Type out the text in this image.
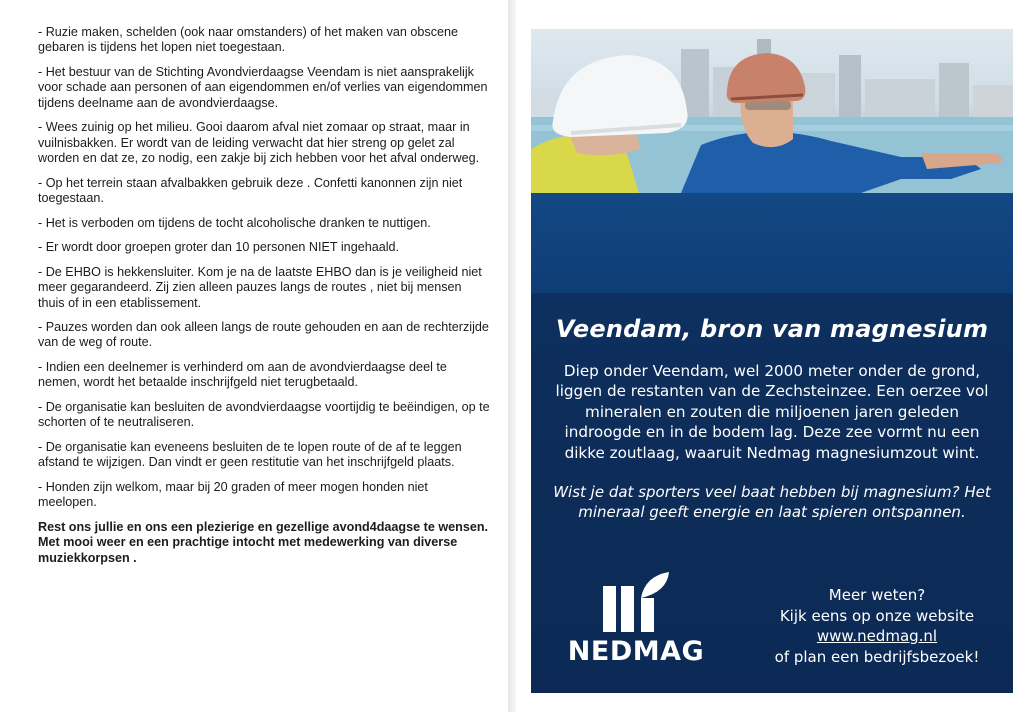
- Ruzie maken, schelden (ook naar omstanders) of het maken van obscene gebaren is tijdens het lopen niet toegestaan.

- Het bestuur van de Stichting Avondvierdaagse Veendam is niet aansprakelijk voor schade aan personen of aan eigendommen en/of verlies van eigendommen tijdens deelname aan de avondvierdaagse.

- Wees zuinig op het milieu. Gooi daarom afval niet zomaar op straat, maar in vuilnisbakken. Er wordt van de leiding verwacht dat hier streng op gelet zal worden en dat ze, zo nodig, een zakje bij zich hebben voor het afval onderweg.

- Op het terrein staan afvalbakken gebruik deze . Confetti kanonnen zijn niet toegestaan.

- Het is verboden om tijdens de tocht alcoholische dranken te nuttigen.

- Er wordt door groepen groter dan 10 personen NIET ingehaald.

- De EHBO is hekkensluiter. Kom je na de laatste EHBO dan is je veiligheid niet meer gegarandeerd. Zij zien alleen pauzes langs de routes , niet bij mensen thuis of in een etablissement.

- Pauzes worden dan ook alleen langs de route gehouden en aan de rechterzijde van de weg of route.

- Indien een deelnemer is verhinderd om aan de avondvierdaagse deel te nemen, wordt het betaalde inschrijfgeld niet terugbetaald.

- De organisatie kan besluiten de avondvierdaagse voortijdig te beëindigen, op te schorten of te neutraliseren.

- De organisatie kan eveneens besluiten de te lopen route of de af te leggen afstand te wijzigen. Dan vindt er geen restitutie van het inschrijfgeld plaats.

- Honden zijn welkom, maar bij 20 graden of meer mogen honden niet meelopen.

Rest ons jullie en ons een plezierige en gezellige avond4daagse te wensen. Met mooi weer en een prachtige intocht met medewerking van diverse muziekkorpsen .

Veendam, bron van magnesium
Diep onder Veendam, wel 2000 meter onder de grond, liggen de restanten van de Zechsteinzee. Een oerzee vol mineralen en zouten die miljoenen jaren geleden indroogde en in de bodem lag. Deze zee vormt nu een dikke zoutlaag, waaruit Nedmag magnesiumzout wint.
Wist je dat sporters veel baat hebben bij magnesium? Het mineraal geeft energie en laat spieren ontspannen.
NEDMAG
Meer weten?
Kijk eens op onze website
www.nedmag.nl
of plan een bedrijfsbezoek!
